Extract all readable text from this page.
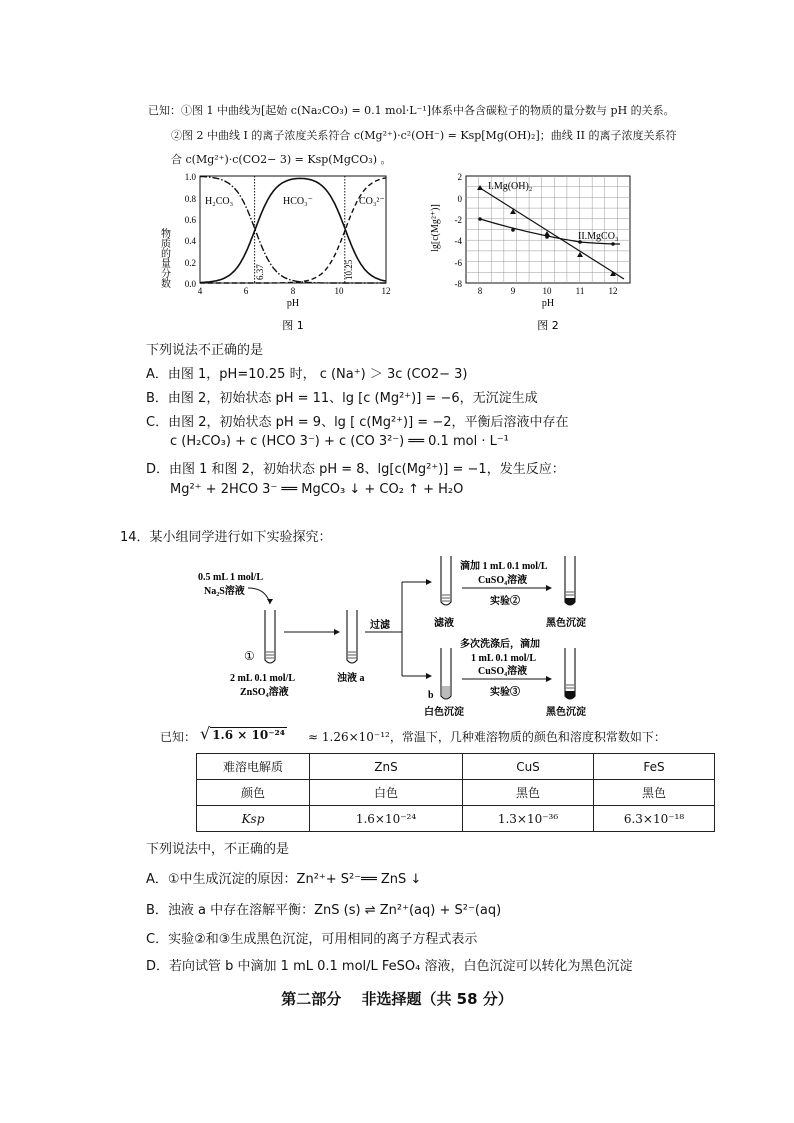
已知：①图 1 中曲线为[起始 c(Na₂CO₃) = 0.1 mol·L⁻¹]体系中各含碳粒子的物质的量分数与 pH 的关系。
②图 2 中曲线 I 的离子浓度关系符合 c(Mg²⁺)·c²(OH⁻) = Ksp[Mg(OH)₂]；曲线 II 的离子浓度关系符
合 c(Mg²⁺)·c(CO2− 3) = Ksp(MgCO₃) 。
物质的量分数
1.0
0.8
0.6
0.4
0.2
0.0
4	6	8	10	12
pH
6.37	10.25
H₂CO₃	HCO₃⁻	CO₃²⁻
图 1
lg[c(Mg²⁺)]
2
0
-2
-4
-6
-8
8	9	10	11	12
pH
I.Mg(OH)₂
II.MgCO₃
图 2
下列说法不正确的是
A．由图 1，pH=10.25 时， c (Na⁺) ＞ 3c (CO2− 3)
B．由图 2，初始状态 pH = 11、lg [c (Mg²⁺)] = −6，无沉淀生成
C．由图 2，初始状态 pH = 9、lg [ c(Mg²⁺)] = −2，平衡后溶液中存在
c (H₂CO₃) + c (HCO 3⁻) + c (CO 3²⁻) ══ 0.1 mol · L⁻¹
D．由图 1 和图 2，初始状态 pH = 8、lg[c(Mg²⁺)] = −1，发生反应：
Mg²⁺ + 2HCO 3⁻ ══ MgCO₃ ↓ + CO₂ ↑ + H₂O
14．某小组同学进行如下实验探究：
0.5 mL 1 mol/L
Na₂S溶液
①
2 mL 0.1 mol/L
ZnSO₄溶液
浊液 a
过滤	滤液
滴加 1 mL 0.1 mol/L
CuSO₄溶液
实验②
黑色沉淀
b
白色沉淀
多次洗涤后，滴加
1 mL 0.1 mol/L
CuSO₄溶液
实验③
黑色沉淀
已知： √ 1.6 × 10⁻²⁴ ≈ 1.26×10⁻¹²，常温下，几种难溶物质的颜色和溶度积常数如下：
难溶电解质	ZnS	CuS	FeS
颜色	白色	黑色	黑色
Ksp	1.6×10⁻²⁴	1.3×10⁻³⁶	6.3×10⁻¹⁸
下列说法中，不正确的是
A．①中生成沉淀的原因：Zn²⁺+ S²⁻══ ZnS ↓
B．浊液 a 中存在溶解平衡：ZnS (s) ⇌ Zn²⁺(aq) + S²⁻(aq)
C．实验②和③生成黑色沉淀，可用相同的离子方程式表示
D．若向试管 b 中滴加 1 mL 0.1 mol/L FeSO₄ 溶液，白色沉淀可以转化为黑色沉淀
第二部分　 非选择题（共 58 分）
